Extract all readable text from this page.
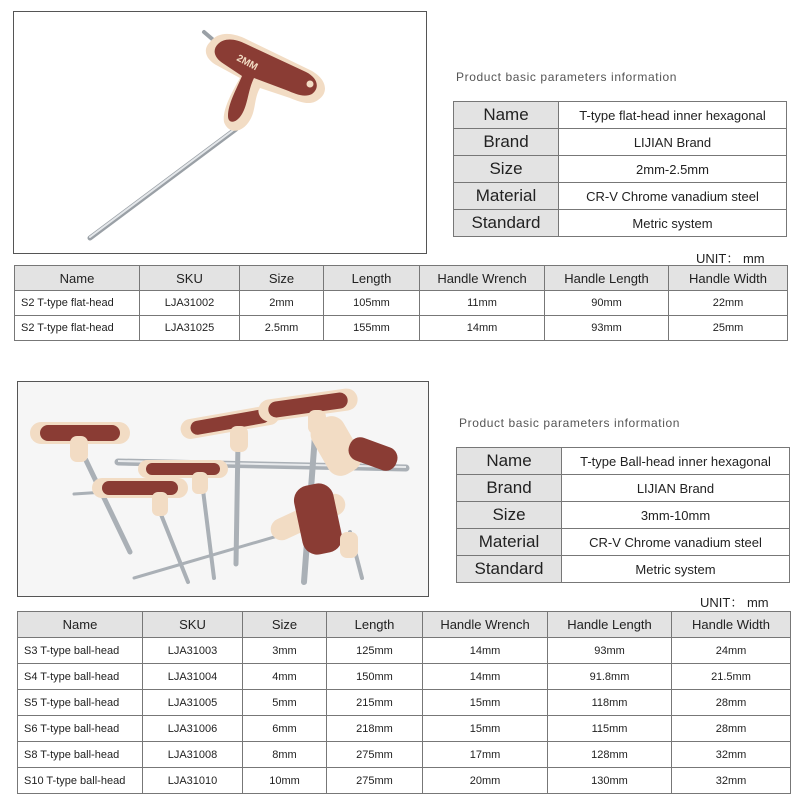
2MM
Product basic parameters information
Name	T-type flat-head inner hexagonal
Brand	LIJIAN Brand
Size	2mm-2.5mm
Material	CR-V Chrome vanadium steel
Standard	Metric system
UNIT： mm
Name	SKU	Size	Length	Handle Wrench	Handle Length	Handle Width
S2 T-type flat-head	LJA31002	2mm	105mm	11mm	90mm	22mm
S2 T-type flat-head	LJA31025	2.5mm	155mm	14mm	93mm	25mm
Product basic parameters information
Name	T-type Ball-head inner hexagonal
Brand	LIJIAN Brand
Size	3mm-10mm
Material	CR-V Chrome vanadium steel
Standard	Metric system
UNIT： mm
Name	SKU	Size	Length	Handle Wrench	Handle Length	Handle Width
S3 T-type ball-head	LJA31003	3mm	125mm	14mm	93mm	24mm
S4 T-type ball-head	LJA31004	4mm	150mm	14mm	91.8mm	21.5mm
S5 T-type ball-head	LJA31005	5mm	215mm	15mm	118mm	28mm
S6 T-type ball-head	LJA31006	6mm	218mm	15mm	115mm	28mm
S8 T-type ball-head	LJA31008	8mm	275mm	17mm	128mm	32mm
S10 T-type ball-head	LJA31010	10mm	275mm	20mm	130mm	32mm
